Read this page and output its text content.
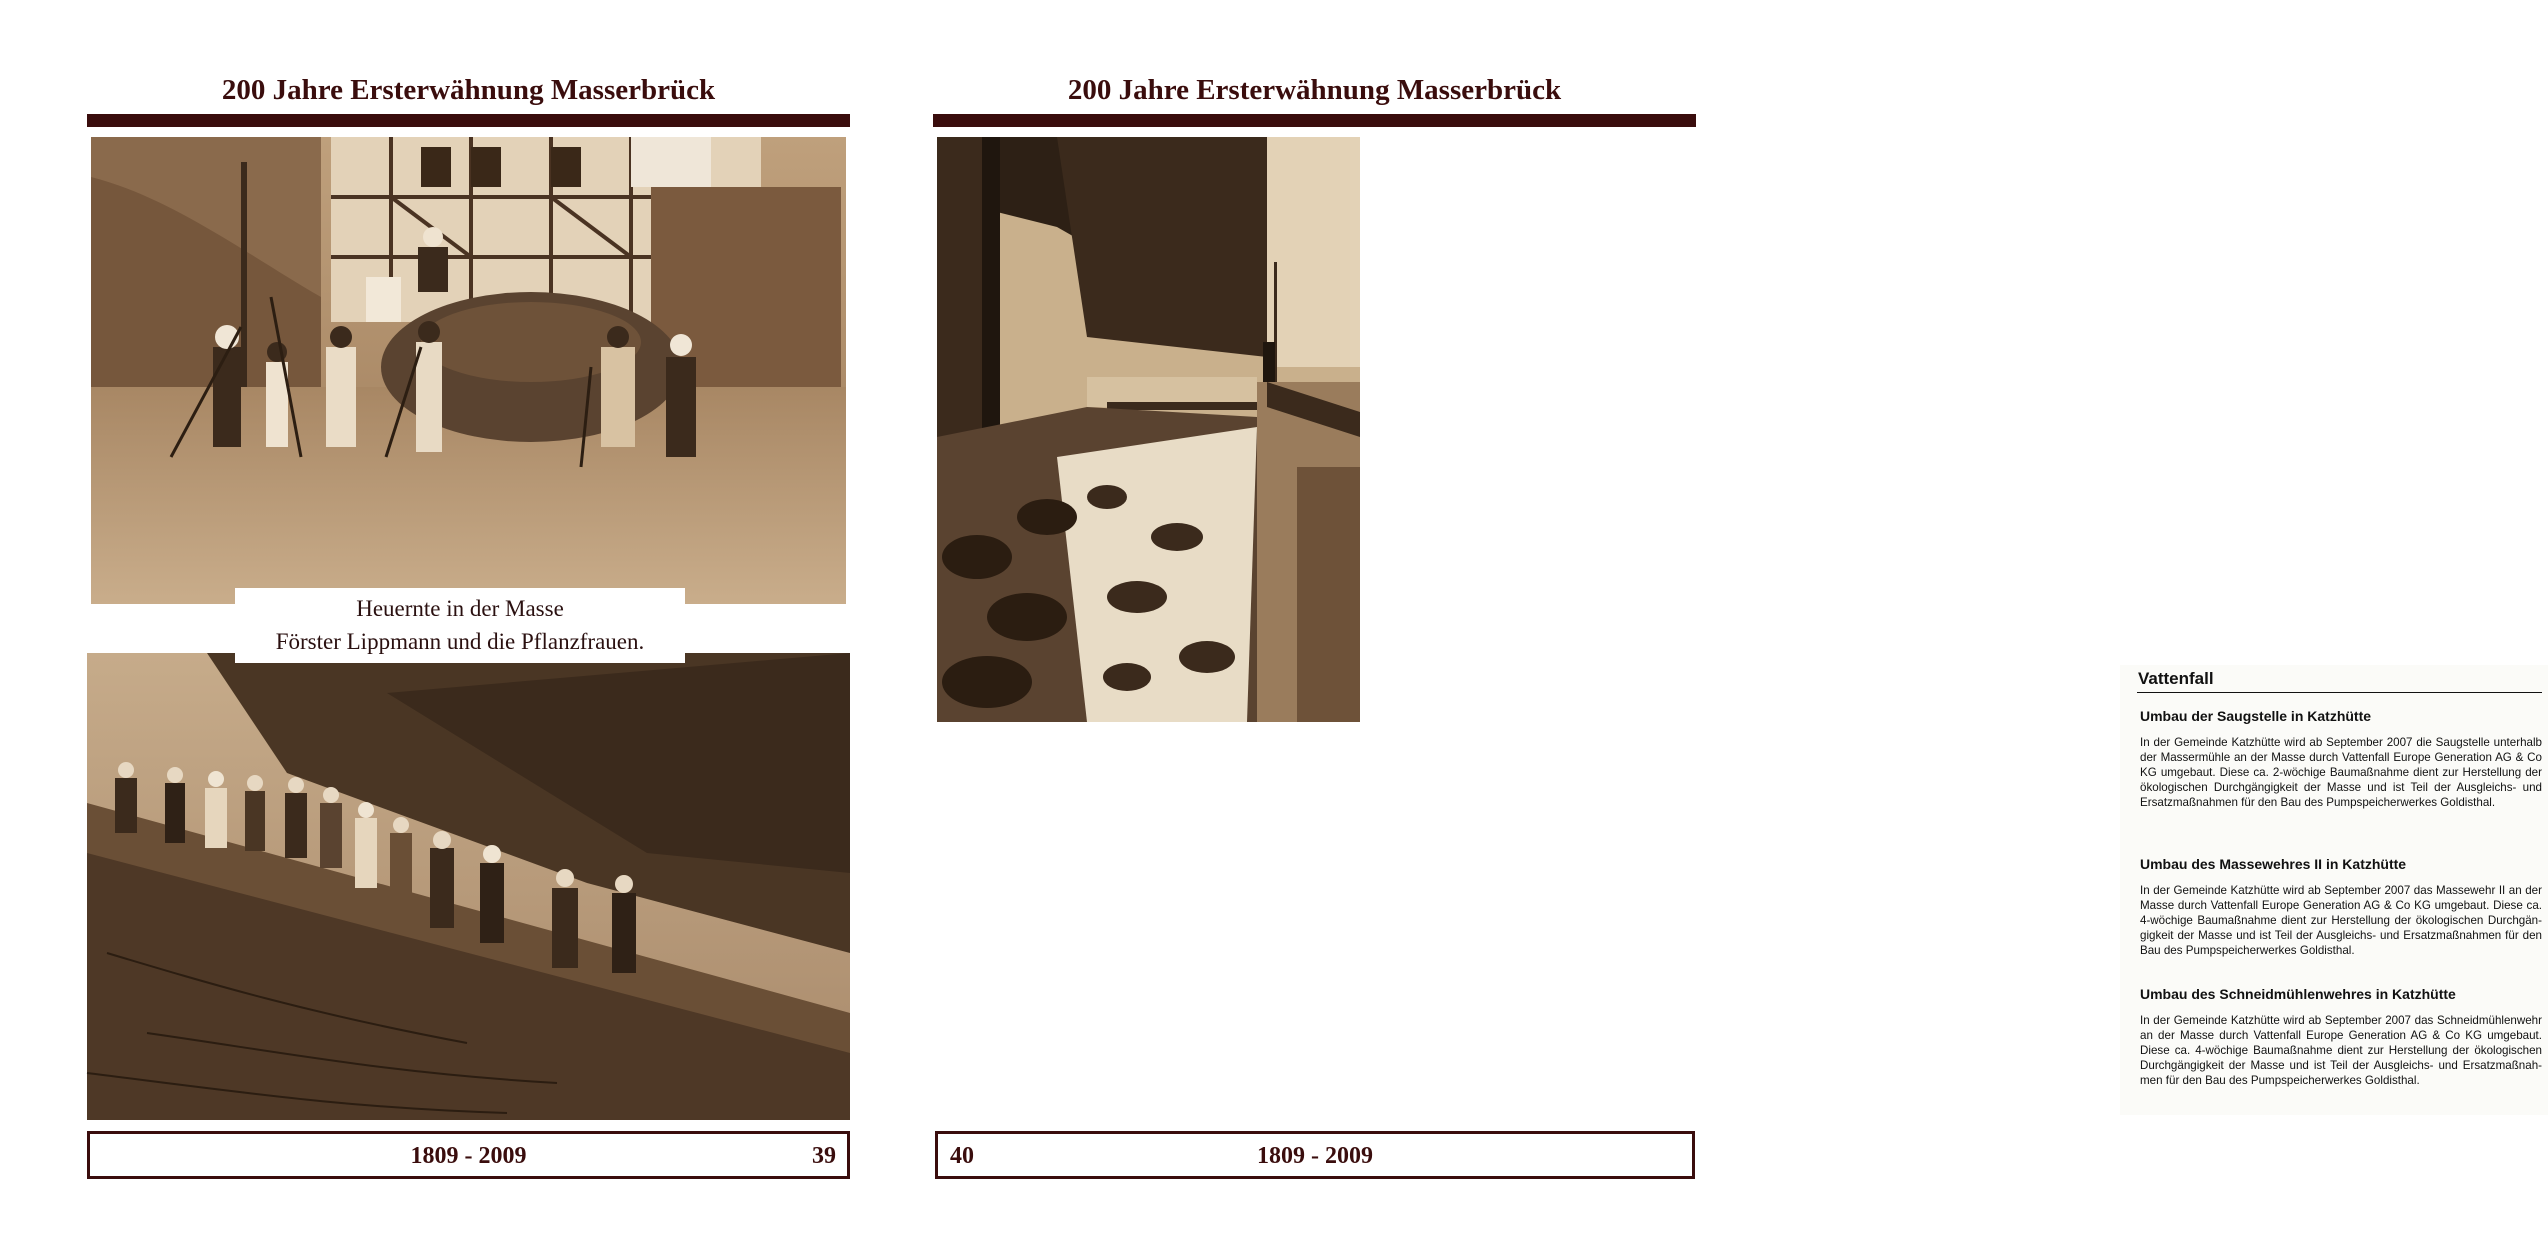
200 Jahre Ersterwähnung Masserbrück
Heuernte in der Masse
Förster Lippmann und die Pflanzfrauen.
1809 - 2009	39
200 Jahre Ersterwähnung Masserbrück
Vattenfall
Umbau der Saugstelle in Katzhütte
In der Gemeinde Katzhütte wird ab September 2007 die Saugstelle unterhalb der Massermühle an der Masse durch Vattenfall Europe Generation AG & Co KG umgebaut. Diese ca. 2-wöchige Baumaßnahme dient zur Herstellung der ökologischen Durchgängigkeit der Masse und ist Teil der Ausgleichs- und Ersatzmaßnahmen für den Bau des Pumpspeicherwerkes Goldisthal.
Umbau des Massewehres II in Katzhütte
In der Gemeinde Katzhütte wird ab September 2007 das Massewehr II an der Masse durch Vattenfall Europe Generation AG & Co KG umgebaut. Diese ca. 4-wöchige Baumaßnahme dient zur Herstellung der ökologischen Durchgän-gigkeit der Masse und ist Teil der Ausgleichs- und Ersatzmaßnahmen für den Bau des Pumpspeicherwerkes Goldisthal.
Umbau des Schneidmühlenwehres in Katzhütte
In der Gemeinde Katzhütte wird ab September 2007 das Schneidmühlenwehr an der Masse durch Vattenfall Europe Generation AG & Co KG umgebaut. Diese ca. 4-wöchige Baumaßnahme dient zur Herstellung der ökologischen Durchgängigkeit der Masse und ist Teil der Ausgleichs- und Ersatzmaßnah-men für den Bau des Pumpspeicherwerkes Goldisthal.
1809 - 2009
40
